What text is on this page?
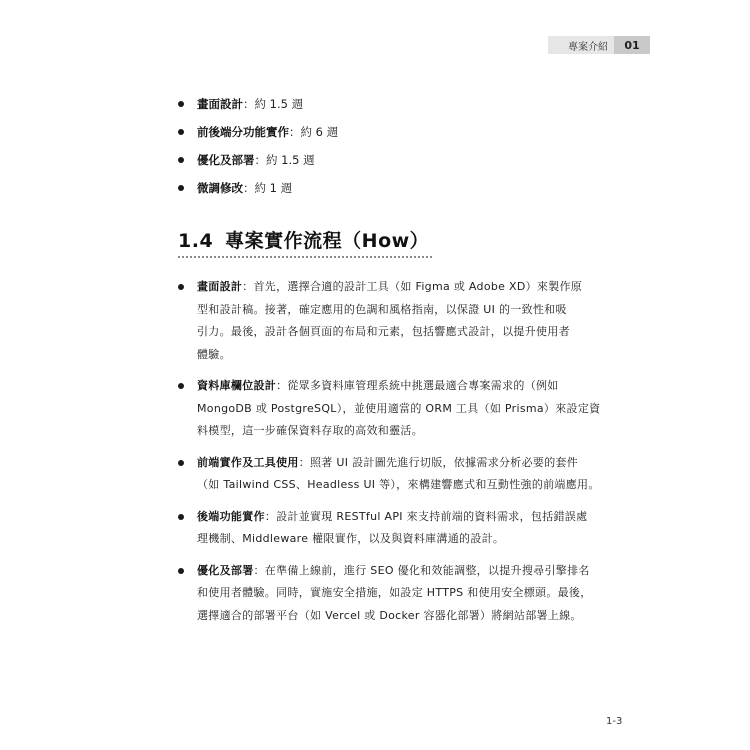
專案介紹	01
畫面設計：約 1.5 週
前後端分功能實作：約 6 週
優化及部署：約 1.5 週
微調修改：約 1 週
1.4 專案實作流程（How）
畫面設計：首先，選擇合適的設計工具（如 Figma 或 Adobe XD）來製作原
型和設計稿。接著，確定應用的色調和風格指南，以保證 UI 的一致性和吸
引力。最後，設計各個頁面的布局和元素，包括響應式設計，以提升使用者
體驗。
資料庫欄位設計：從眾多資料庫管理系統中挑選最適合專案需求的（例如
MongoDB 或 PostgreSQL），並使用適當的 ORM 工具（如 Prisma）來設定資
料模型，這一步確保資料存取的高效和靈活。
前端實作及工具使用：照著 UI 設計圖先進行切版，依據需求分析必要的套件
（如 Tailwind CSS、Headless UI 等），來構建響應式和互動性強的前端應用。
後端功能實作：設計並實現 RESTful API 來支持前端的資料需求，包括錯誤處
理機制、Middleware 權限實作，以及與資料庫溝通的設計。
優化及部署：在準備上線前，進行 SEO 優化和效能調整，以提升搜尋引擎排名
和使用者體驗。同時，實施安全措施，如設定 HTTPS 和使用安全標頭。最後，
選擇適合的部署平台（如 Vercel 或 Docker 容器化部署）將網站部署上線。
1-3
